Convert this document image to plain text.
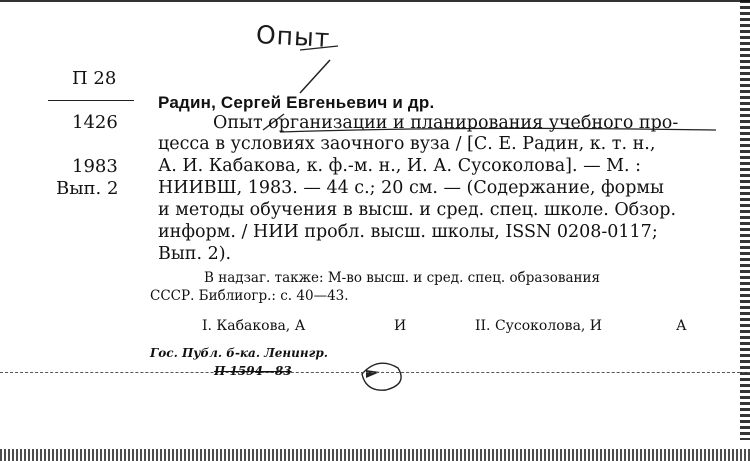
Опыт
П 28
1426
1983
Вып. 2
Радин, Сергей Евгеньевич и др.
Опыт организации и планирования учебного про-
цесса в условиях заочного вуза / [С. Е. Радин, к. т. н.,
А. И. Кабакова, к. ф.-м. н., И. А. Сусоколова]. — М. :
НИИВШ, 1983. — 44 с.; 20 см. — (Содержание, формы
и методы обучения в высш. и сред. спец. школе. Обзор.
информ. / НИИ пробл. высш. школы, ISSN 0208-0117;
Вып. 2).
В надзаг. также: М-во высш. и сред. спец. образования
СССР. Библиогр.: с. 40—43.
I. Кабакова, А	И	II. Сусоколова, И	А
Гос. Публ. б-ка. Ленингр.
П 1594—83
